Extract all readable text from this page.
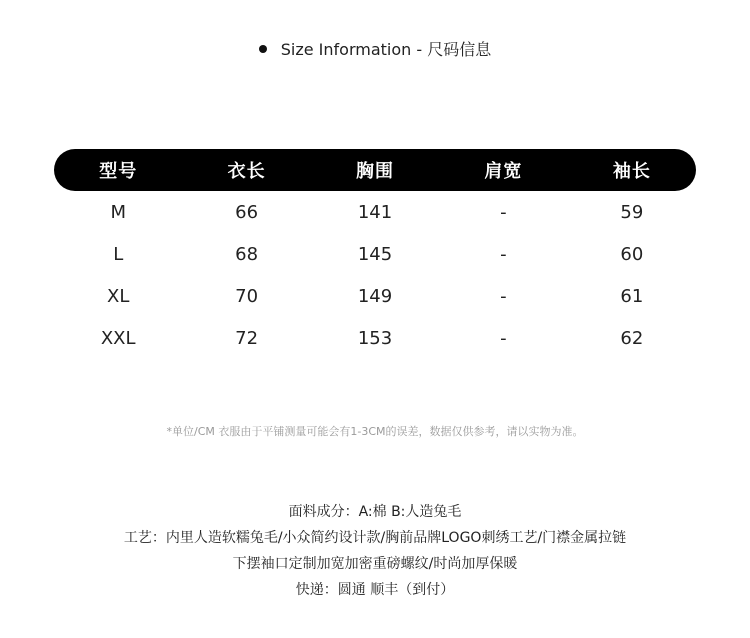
Size Information - 尺码信息
型号	衣长	胸围	肩宽	袖长
M	66	141	-	59
L	68	145	-	60
XL	70	149	-	61
XXL	72	153	-	62
*单位/CM 衣服由于平铺测量可能会有1-3CM的误差，数据仅供参考，请以实物为准。
面料成分：A:棉 B:人造兔毛
工艺：内里人造软糯兔毛/小众简约设计款/胸前品牌LOGO刺绣工艺/门襟金属拉链
下摆袖口定制加宽加密重磅螺纹/时尚加厚保暖
快递：圆通 顺丰（到付）
